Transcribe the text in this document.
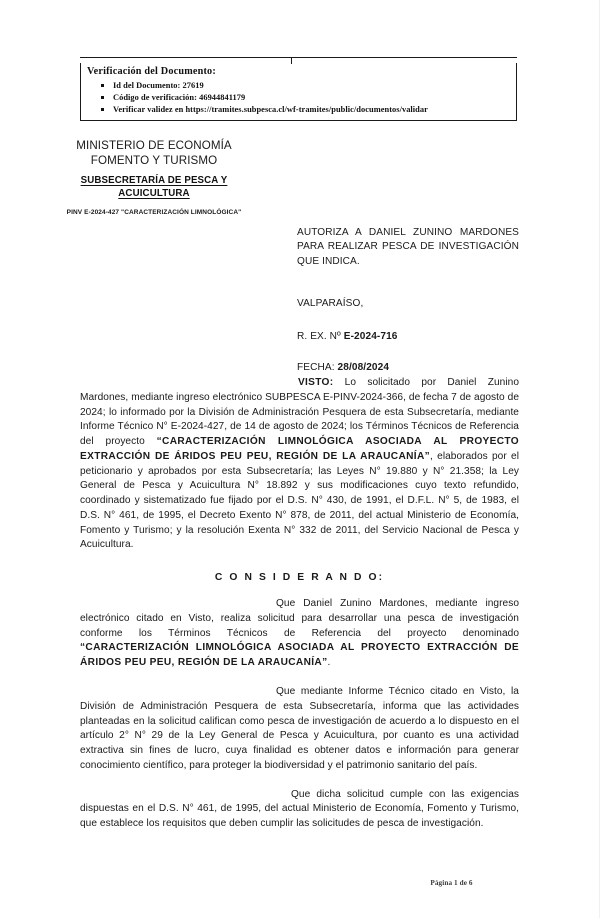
Verificación del Documento:
Id del Documento: 27619
Código de verificación: 46944841179
Verificar validez en https://tramites.subpesca.cl/wf-tramites/public/documentos/validar
MINISTERIO DE ECONOMÍA
FOMENTO Y TURISMO
SUBSECRETARÍA DE PESCA Y
ACUICULTURA
PINV E-2024-427 "CARACTERIZACIÓN LIMNOLÓGICA"
AUTORIZA A DANIEL ZUNINO MARDONES PARA REALIZAR PESCA DE INVESTIGACIÓN QUE INDICA.
VALPARAÍSO,
R. EX. Nº E-2024-716
FECHA: 28/08/2024

VISTO: Lo solicitado por Daniel Zunino Mardones, mediante ingreso electrónico SUBPESCA E-PINV-2024-366, de fecha 7 de agosto de 2024; lo informado por la División de Administración Pesquera de esta Subsecretaría, mediante Informe Técnico N° E-2024-427, de 14 de agosto de 2024; los Términos Técnicos de Referencia del proyecto “CARACTERIZACIÓN LIMNOLÓGICA ASOCIADA AL PROYECTO EXTRACCIÓN DE ÁRIDOS PEU PEU, REGIÓN DE LA ARAUCANÍA”, elaborados por el peticionario y aprobados por esta Subsecretaría; las Leyes N° 19.880 y N° 21.358; la Ley General de Pesca y Acuicultura N° 18.892 y sus modificaciones cuyo texto refundido, coordinado y sistematizado fue fijado por el D.S. N° 430, de 1991, el D.F.L. N° 5, de 1983, el D.S. N° 461, de 1995, el Decreto Exento N° 878, de 2011, del actual Ministerio de Economía, Fomento y Turismo; y la resolución Exenta N° 332 de 2011, del Servicio Nacional de Pesca y Acuicultura.

C O N S I D E R A N D O:

Que Daniel Zunino Mardones, mediante ingreso electrónico citado en Visto, realiza solicitud para desarrollar una pesca de investigación conforme los Términos Técnicos de Referencia del proyecto denominado “CARACTERIZACIÓN LIMNOLÓGICA ASOCIADA AL PROYECTO EXTRACCIÓN DE ÁRIDOS PEU PEU, REGIÓN DE LA ARAUCANÍA”.

Que mediante Informe Técnico citado en Visto, la División de Administración Pesquera de esta Subsecretaría, informa que las actividades planteadas en la solicitud califican como pesca de investigación de acuerdo a lo dispuesto en el artículo 2° N° 29 de la Ley General de Pesca y Acuicultura, por cuanto es una actividad extractiva sin fines de lucro, cuya finalidad es obtener datos e información para generar conocimiento científico, para proteger la biodiversidad y el patrimonio sanitario del país.

Que dicha solicitud cumple con las exigencias dispuestas en el D.S. N° 461, de 1995, del actual Ministerio de Economía, Fomento y Turismo, que establece los requisitos que deben cumplir las solicitudes de pesca de investigación.

Página 1 de 6
